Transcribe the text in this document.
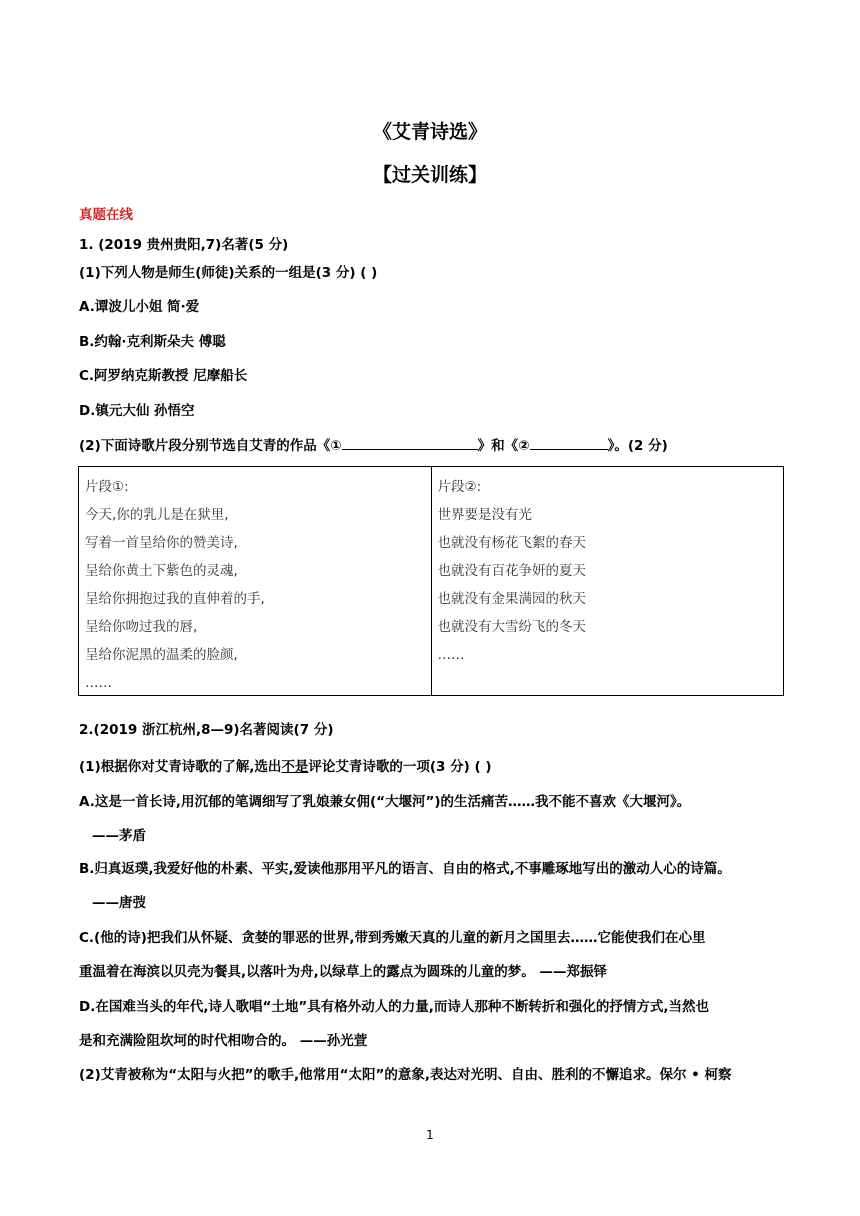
《艾青诗选》
【过关训练】
真题在线
1. (2019 贵州贵阳,7)名著(5 分)
(1)下列人物是师生(师徒)关系的一组是(3 分) ( )
A.谭波儿小姐 简·爱
B.约翰·克利斯朵夫 傅聪
C.阿罗纳克斯教授 尼摩船长
D.镇元大仙 孙悟空
(2)下面诗歌片段分别节选自艾青的作品《①	》和《②	》。(2 分)
片段①:
今天,你的乳儿是在狱里,
写着一首呈给你的赞美诗,
呈给你黄土下紫色的灵魂,
呈给你拥抱过我的直伸着的手,
呈给你吻过我的唇,
呈给你泥黑的温柔的脸颜,
……
片段②:
世界要是没有光
也就没有杨花飞絮的春天
也就没有百花争妍的夏天
也就没有金果满园的秋天
也就没有大雪纷飞的冬天
……
2.(2019 浙江杭州,8—9)名著阅读(7 分)
(1)根据你对艾青诗歌的了解,选出不是评论艾青诗歌的一项(3 分) ( )
A.这是一首长诗,用沉郁的笔调细写了乳娘兼女佣(“大堰河”)的生活痛苦……我不能不喜欢《大堰河》。
——茅盾
B.归真返璞,我爱好他的朴素、平实,爱读他那用平凡的语言、自由的格式,不事雕琢地写出的激动人心的诗篇。
——唐弢
C.(他的诗)把我们从怀疑、贪婪的罪恶的世界,带到秀嫩天真的儿童的新月之国里去……它能使我们在心里
重温着在海滨以贝壳为餐具,以落叶为舟,以绿草上的露点为圆珠的儿童的梦。 ——郑振铎
D.在国难当头的年代,诗人歌唱“土地”具有格外动人的力量,而诗人那种不断转折和强化的抒情方式,当然也
是和充满险阻坎坷的时代相吻合的。 ——孙光萱
(2)艾青被称为“太阳与火把”的歌手,他常用“太阳”的意象,表达对光明、自由、胜利的不懈追求。保尔 • 柯察
1
